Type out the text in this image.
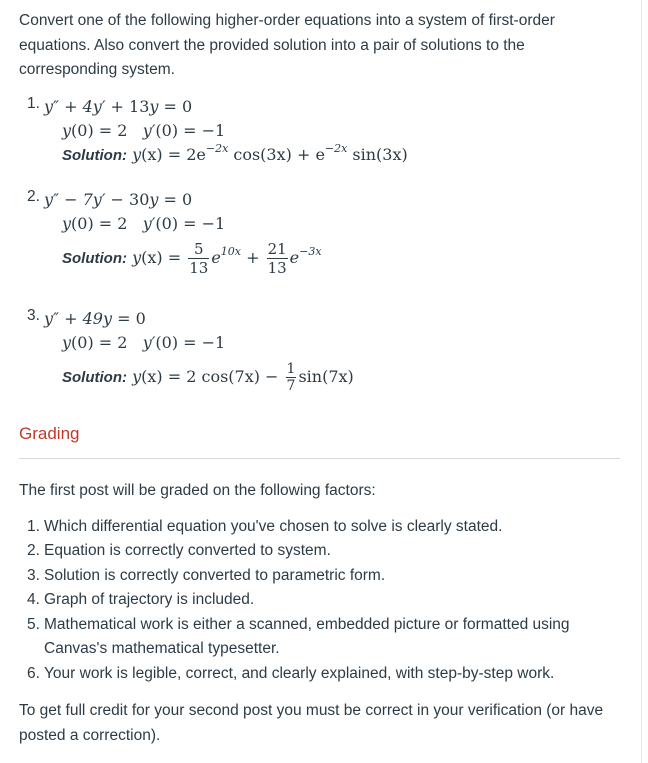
Convert one of the following higher-order equations into a system of first-order equations. Also convert the provided solution into a pair of solutions to the corresponding system.

1. y″ + 4y′ + 13y = 0
y(0) = 2 y′(0) = −1
Solution: $y(x) = 2e^{-2x}$ $\cos(3x) + e^{-2x}$ sin(3x)
2. y″ − 7y′ − 30y = 0
y(0) = 2 y′(0) = −1
Solution: $y(x) = \frac{5}{13} e^{10x} + \frac{21}{13} e^{-3x}$
3. y″ + 49y = 0
y(0) = 2 y′(0) = −1
Solution: y(x) = 2 $\cos(7x) - \frac{1}{7} \sin(7x)$
Grading

The first post will be graded on the following factors:

1. Which differential equation you've chosen to solve is clearly stated.
2. Equation is correctly converted to system.
3. Solution is correctly converted to parametric form.
4. Graph of trajectory is included.
5. Mathematical work is either a scanned, embedded picture or formatted using Canvas's mathematical typesetter.
6. Your work is legible, correct, and clearly explained, with step-by-step work.

To get full credit for your second post you must be correct in your verification (or have posted a correction).
